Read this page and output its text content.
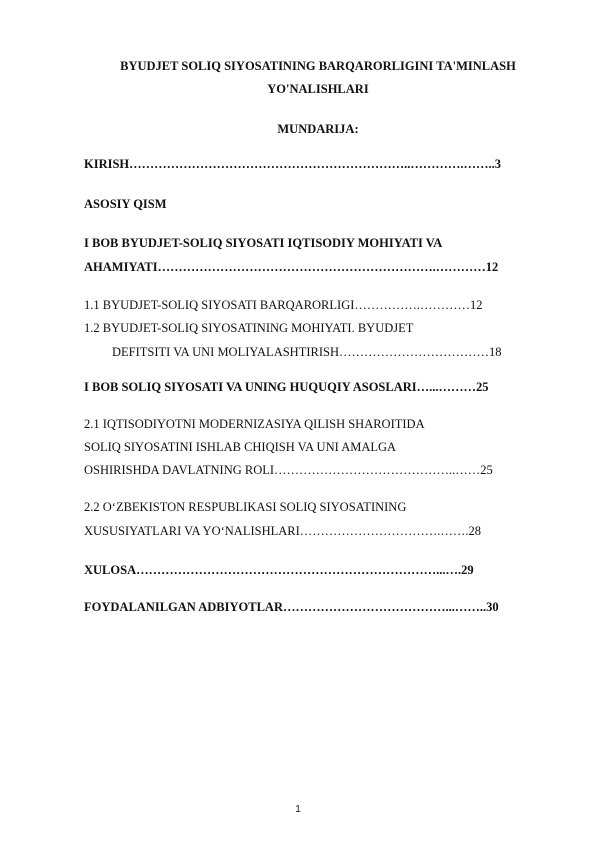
BYUDJET SOLIQ SIYOSATINING BARQARORLIGINI TA'MINLASH
YO'NALISHLARI
MUNDARIJA:
KIRISH…………………………………………………………..………….……..3
ASOSIY QISM
I BOB BYUDJET-SOLIQ SIYOSATI IQTISODIY MOHIYATI VA
AHAMIYATI………………………………………………………….…………12
1.1 BYUDJET-SOLIQ SIYOSATI BARQARORLIGI…………….…………12
1.2 BYUDJET-SOLIQ SIYOSATINING MOHIYATI. BYUDJET
DEFITSITI VA UNI MOLIYALASHTIRISH………………………………18
I BOB SOLIQ SIYOSATI VA UNING HUQUQIY ASOSLARI…...………25
2.1 IQTISODIYOTNI MODERNIZASIYA QILISH SHAROITIDA
SOLIQ SIYOSATINI ISHLAB CHIQISH VA UNI AMALGA
OSHIRISHDA DAVLATNING ROLI……………………………………..……25
2.2 O‘ZBEKISTON RESPUBLIKASI SOLIQ SIYOSATINING
XUSUSIYATLARI VA YO‘NALISHLARI…………………………….…….28
XULOSA………………………………………………………………...….29
FOYDALANILGAN ADBIYOTLAR…………………………………...……..30
1
